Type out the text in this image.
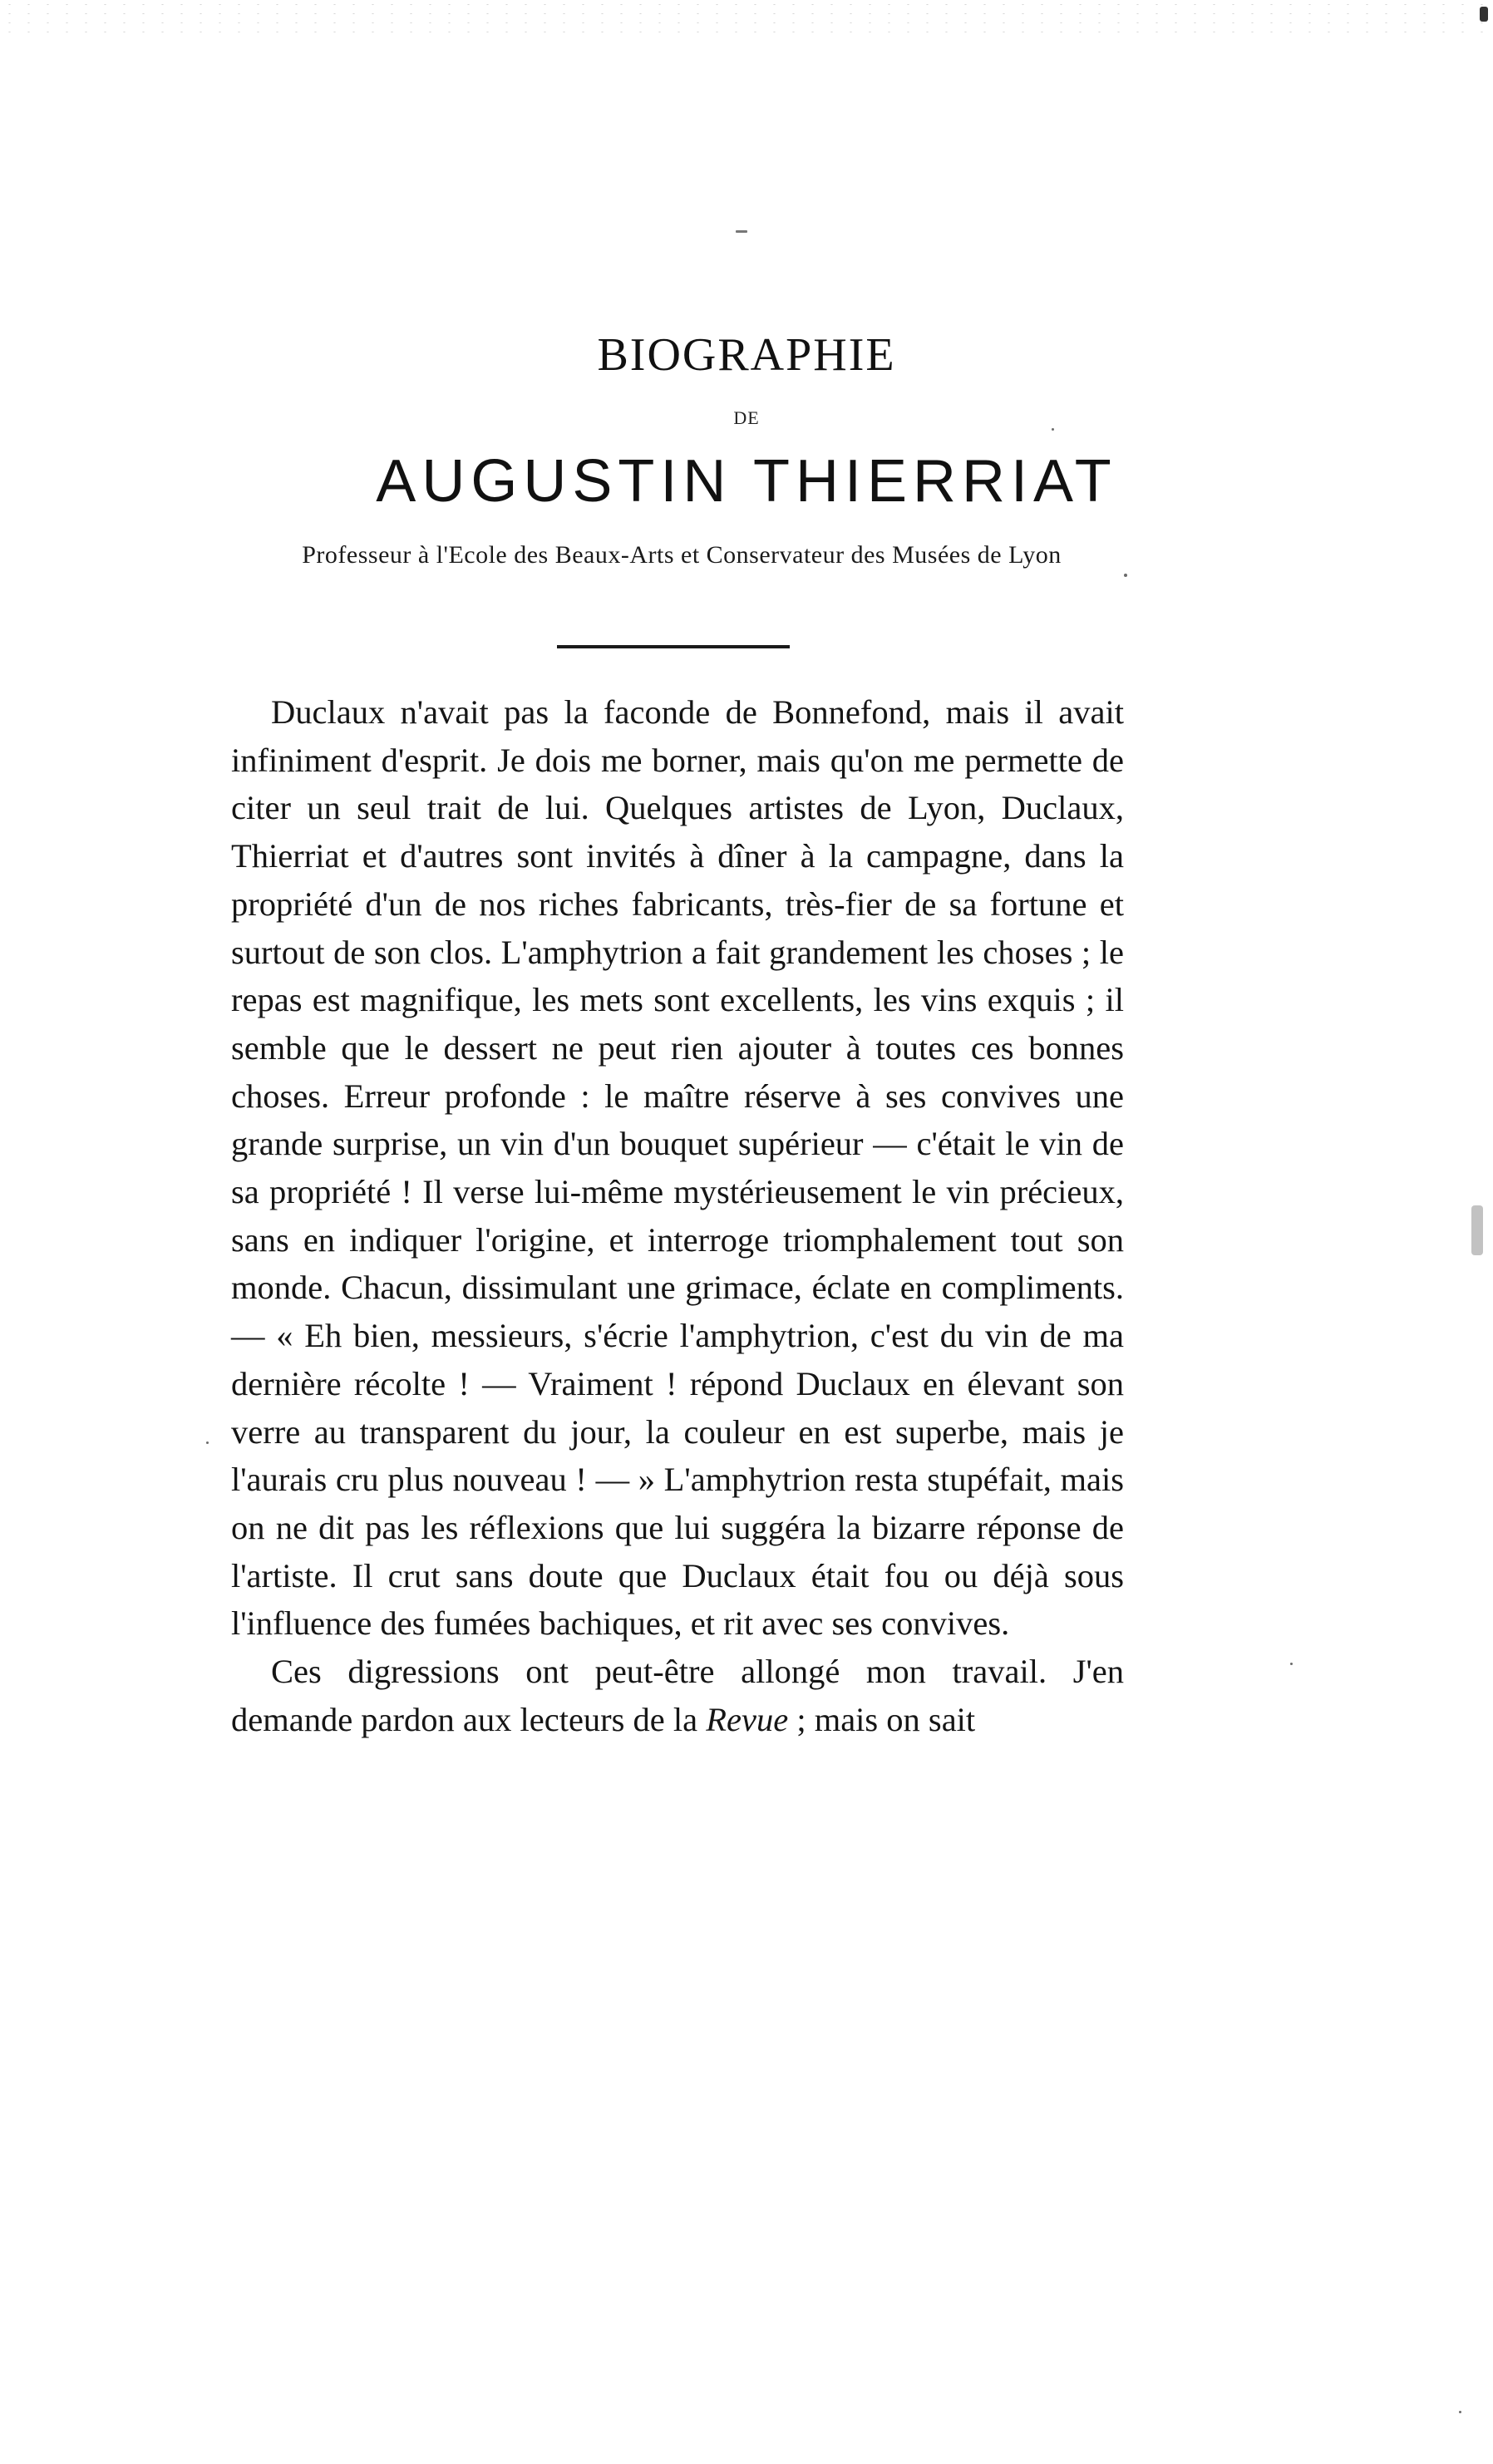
BIOGRAPHIE
DE
AUGUSTIN THIERRIAT
Professeur à l'Ecole des Beaux-Arts et Conservateur des Musées de Lyon

Duclaux n'avait pas la faconde de Bonnefond, mais il avait infiniment d'esprit. Je dois me borner, mais qu'on me permette de citer un seul trait de lui. Quelques artistes de Lyon, Duclaux, Thierriat et d'autres sont invités à dîner à la campagne, dans la propriété d'un de nos riches fabricants, très-fier de sa fortune et surtout de son clos. L'amphytrion a fait grandement les choses ; le repas est magnifique, les mets sont excellents, les vins exquis ; il semble que le dessert ne peut rien ajouter à toutes ces bonnes choses. Erreur profonde : le maître réserve à ses convives une grande surprise, un vin d'un bouquet supérieur — c'était le vin de sa propriété ! Il verse lui-même mystérieusement le vin précieux, sans en indiquer l'origine, et interroge triomphalement tout son monde. Chacun, dissimulant une grimace, éclate en compliments. — « Eh bien, messieurs, s'écrie l'amphytrion, c'est du vin de ma dernière récolte ! — Vraiment ! répond Duclaux en élevant son verre au transparent du jour, la couleur en est superbe, mais je l'aurais cru plus nouveau ! — » L'amphytrion resta stupéfait, mais on ne dit pas les réflexions que lui suggéra la bizarre réponse de l'artiste. Il crut sans doute que Duclaux était fou ou déjà sous l'influence des fumées bachiques, et rit avec ses convives.

Ces digressions ont peut-être allongé mon travail. J'en demande pardon aux lecteurs de la Revue ; mais on sait
